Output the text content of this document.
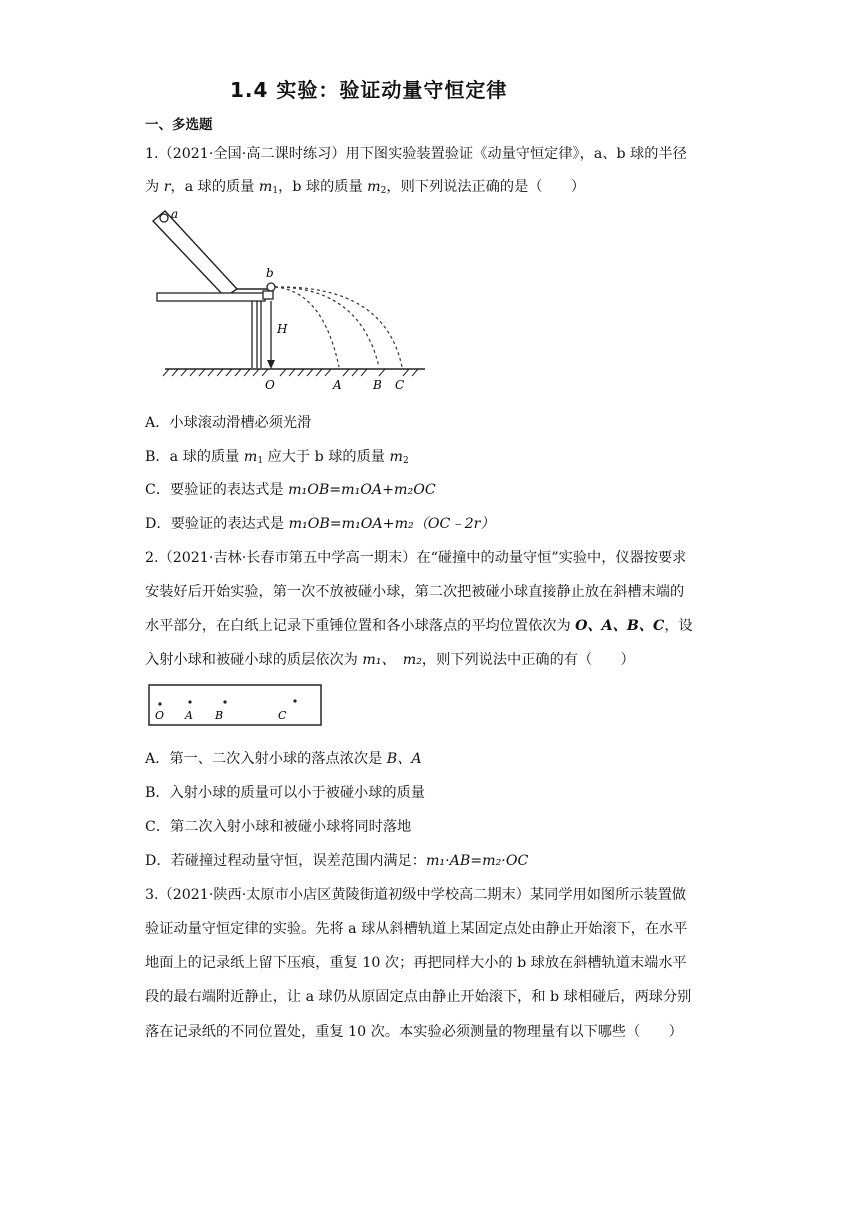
1.4 实验：验证动量守恒定律
一、多选题
1.（2021·全国·高二课时练习）用下图实验装置验证《动量守恒定律》，a、b 球的半径
为 r，a 球的质量 $m_1$，b 球的质量 $m_2$，则下列说法正确的是（　　）
a
b
H
O	A	B C
A．小球滚动滑槽必须光滑
B．a 球的质量 $m_1$ 应大于 b 球的质量 $m_2$
C．要验证的表达式是 m₁OB=m₁OA+m₂OC
D．要验证的表达式是 m₁OB=m₁OA+m₂（OC﹣2r）
2.（2021·吉林·长春市第五中学高一期末）在“碰撞中的动量守恒”实验中，仪器按要求
安装好后开始实验，第一次不放被碰小球，第二次把被碰小球直接静止放在斜槽末端的
水平部分，在白纸上记录下重锤位置和各小球落点的平均位置依次为 O、A、B、C，设
入射小球和被碰小球的质层依次为 m₁、　m₂，则下列说法中正确的有（　　）
O A B	C
A．第一、二次入射小球的落点浓次是 B、A
B．入射小球的质量可以小于被碰小球的质量
C．第二次入射小球和被碰小球将同时落地
D．若碰撞过程动量守恒，误差范围内满足：m₁·AB=m₂·OC
3.（2021·陕西·太原市小店区黄陵街道初级中学校高二期末）某同学用如图所示装置做
验证动量守恒定律的实验。先将 a 球从斜槽轨道上某固定点处由静止开始滚下，在水平
地面上的记录纸上留下压痕，重复 10 次；再把同样大小的 b 球放在斜槽轨道末端水平
段的最右端附近静止，让 a 球仍从原固定点由静止开始滚下，和 b 球相碰后，两球分别
落在记录纸的不同位置处，重复 10 次。本实验必须测量的物理量有以下哪些（　　）
